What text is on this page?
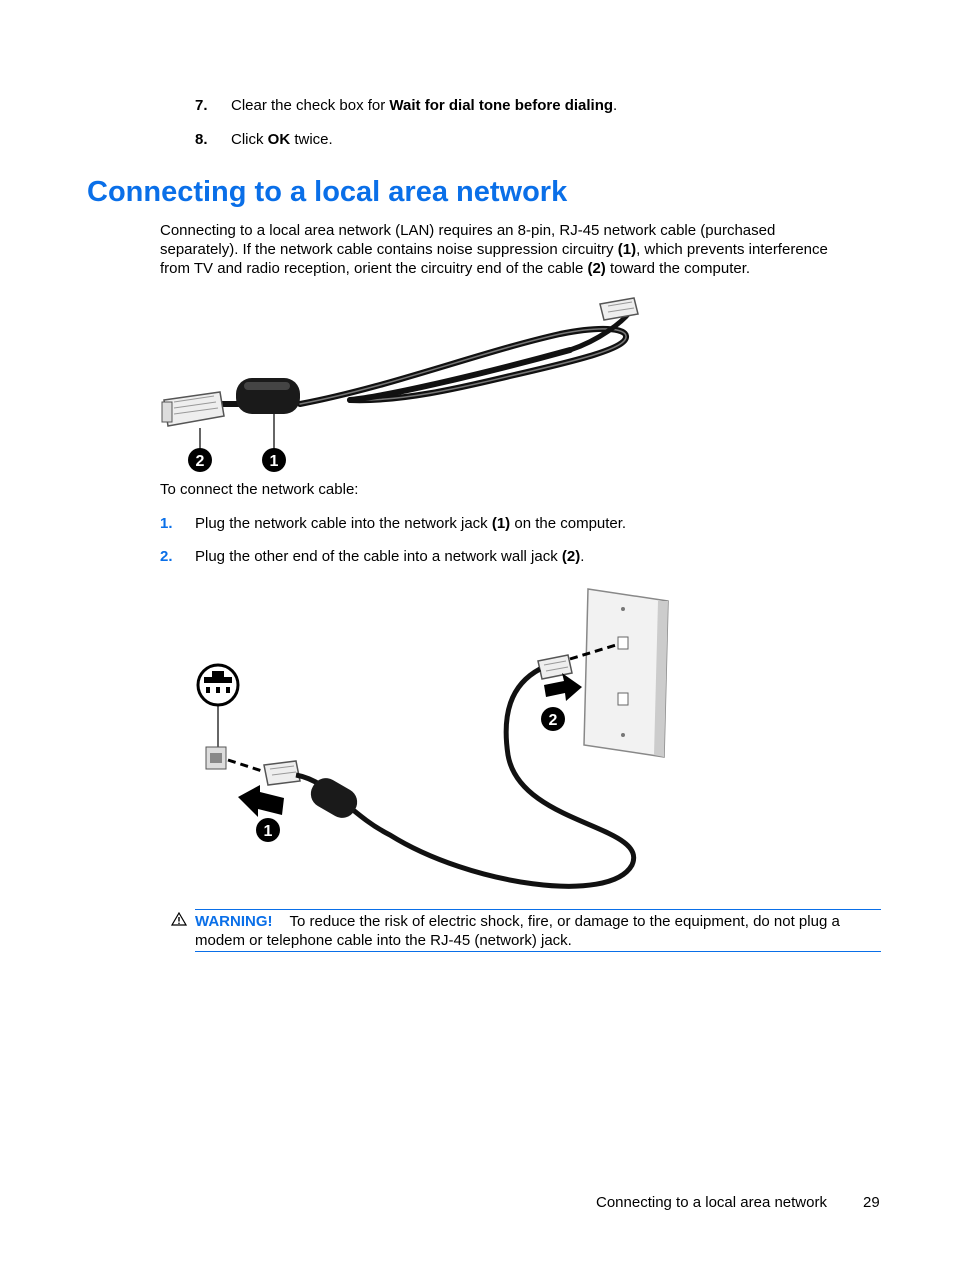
7. Clear the check box for Wait for dial tone before dialing.
8. Click OK twice.
Connecting to a local area network
Connecting to a local area network (LAN) requires an 8-pin, RJ-45 network cable (purchased
separately). If the network cable contains noise suppression circuitry (1), which prevents interference
from TV and radio reception, orient the circuitry end of the cable (2) toward the computer.
2	1
To connect the network cable:
1. Plug the network cable into the network jack (1) on the computer.
2. Plug the other end of the cable into a network wall jack (2).
1
2
WARNING! To reduce the risk of electric shock, fire, or damage to the equipment, do not plug a
modem or telephone cable into the RJ-45 (network) jack.
Connecting to a local area network 29
